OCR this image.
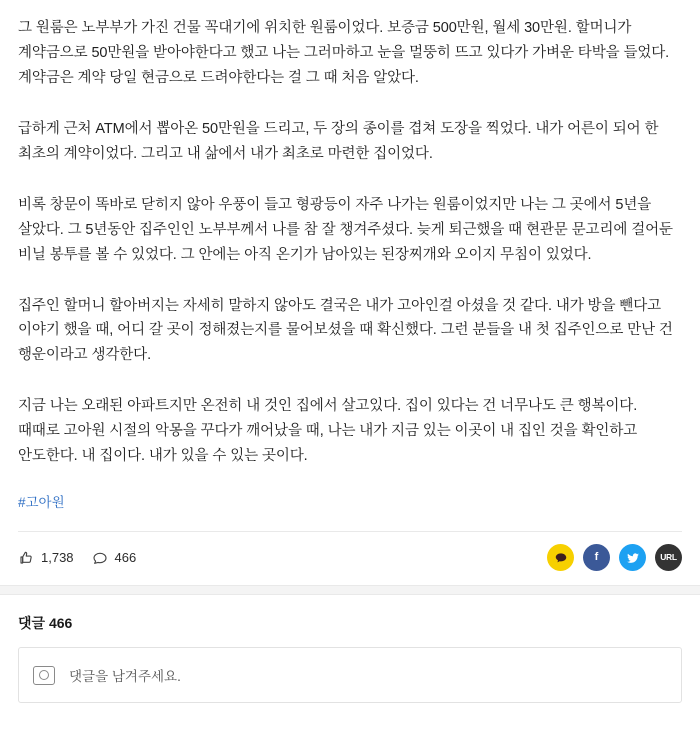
그 원룸은 노부부가 가진 건물 꼭대기에 위치한 원룸이었다. 보증금 500만원, 월세 30만원. 할머니가 계약금으로 50만원을 받아야한다고 했고 나는 그러마하고 눈을 멀뚱히 뜨고 있다가 가벼운 타박을 들었다. 계약금은 계약 당일 현금으로 드려야한다는 걸 그 때 처음 알았다.

급하게 근처 ATM에서 뽑아온 50만원을 드리고, 두 장의 종이를 겹쳐 도장을 찍었다. 내가 어른이 되어 한 최초의 계약이었다. 그리고 내 삶에서 내가 최초로 마련한 집이었다.

비록 창문이 똑바로 닫히지 않아 우풍이 들고 형광등이 자주 나가는 원룸이었지만 나는 그 곳에서 5년을 살았다. 그 5년동안 집주인인 노부부께서 나를 참 잘 챙겨주셨다. 늦게 퇴근했을 때 현관문 문고리에 걸어둔 비닐 봉투를 볼 수 있었다. 그 안에는 아직 온기가 남아있는 된장찌개와 오이지 무침이 있었다.

집주인 할머니 할아버지는 자세히 말하지 않아도 결국은 내가 고아인걸 아셨을 것 같다. 내가 방을 뺀다고 이야기 했을 때, 어디 갈 곳이 정해졌는지를 물어보셨을 때 확신했다. 그런 분들을 내 첫 집주인으로 만난 건 행운이라고 생각한다.

지금 나는 오래된 아파트지만 온전히 내 것인 집에서 살고있다. 집이 있다는 건 너무나도 큰 행복이다. 때때로 고아원 시절의 악몽을 꾸다가 깨어났을 때, 나는 내가 지금 있는 이곳이 내 집인 것을 확인하고 안도한다. 내 집이다. 내가 있을 수 있는 곳이다.

#고아원
1,738	466	f	URL
댓글 466
댓글을 남겨주세요.
